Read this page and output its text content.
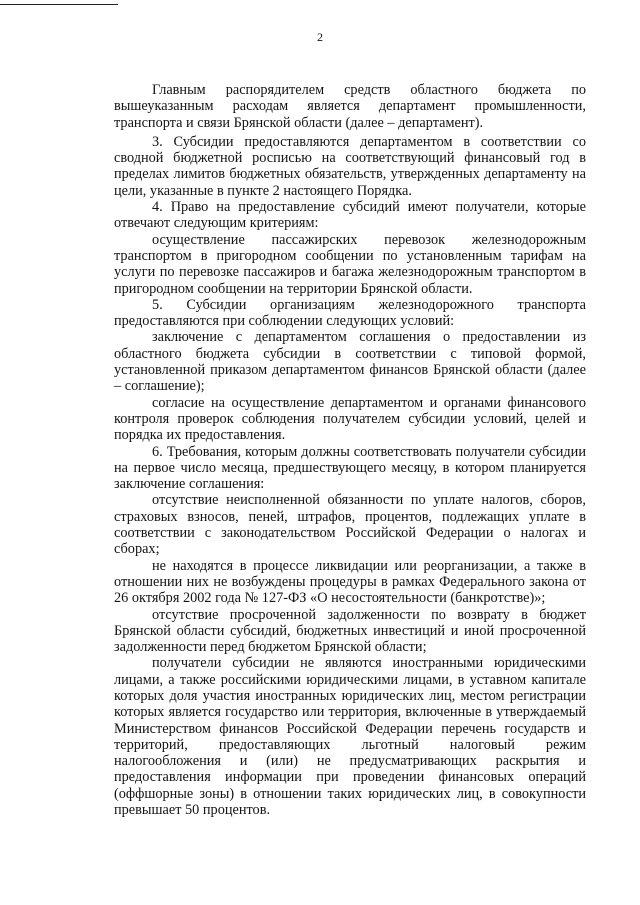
2

Главным распорядителем средств областного бюджета по вышеуказанным расходам является департамент промышленности, транспорта и связи Брянской области (далее – департамент).

3. Субсидии предоставляются департаментом в соответствии со сводной бюджетной росписью на соответствующий финансовый год в пределах лимитов бюджетных обязательств, утвержденных департаменту на цели, указанные в пункте 2 настоящего Порядка.

4. Право на предоставление субсидий имеют получатели, которые отвечают следующим критериям:

осуществление пассажирских перевозок железнодорожным транспортом в пригородном сообщении по установленным тарифам на услуги по перевозке пассажиров и багажа железнодорожным транспортом в пригородном сообщении на территории Брянской области.

5. Субсидии организациям железнодорожного транспорта предоставляются при соблюдении следующих условий:

заключение с департаментом соглашения о предоставлении из областного бюджета субсидии в соответствии с типовой формой, установленной приказом департаментом финансов Брянской области (далее – соглашение);

согласие на осуществление департаментом и органами финансового контроля проверок соблюдения получателем субсидии условий, целей и порядка их предоставления.

6. Требования, которым должны соответствовать получатели субсидии на первое число месяца, предшествующего месяцу, в котором планируется заключение соглашения:

отсутствие неисполненной обязанности по уплате налогов, сборов, страховых взносов, пеней, штрафов, процентов, подлежащих уплате в соответствии с законодательством Российской Федерации о налогах и сборах;

не находятся в процессе ликвидации или реорганизации, а также в отношении них не возбуждены процедуры в рамках Федерального закона от 26 октября 2002 года № 127-ФЗ «О несостоятельности (банкротстве)»;

отсутствие просроченной задолженности по возврату в бюджет Брянской области субсидий, бюджетных инвестиций и иной просроченной задолженности перед бюджетом Брянской области;

получатели субсидии не являются иностранными юридическими лицами, а также российскими юридическими лицами, в уставном капитале которых доля участия иностранных юридических лиц, местом регистрации которых является государство или территория, включенные в утверждаемый Министерством финансов Российской Федерации перечень государств и территорий, предоставляющих льготный налоговый режим налогообложения и (или) не предусматривающих раскрытия и предоставления информации при проведении финансовых операций (оффшорные зоны) в отношении таких юридических лиц, в совокупности превышает 50 процентов.
